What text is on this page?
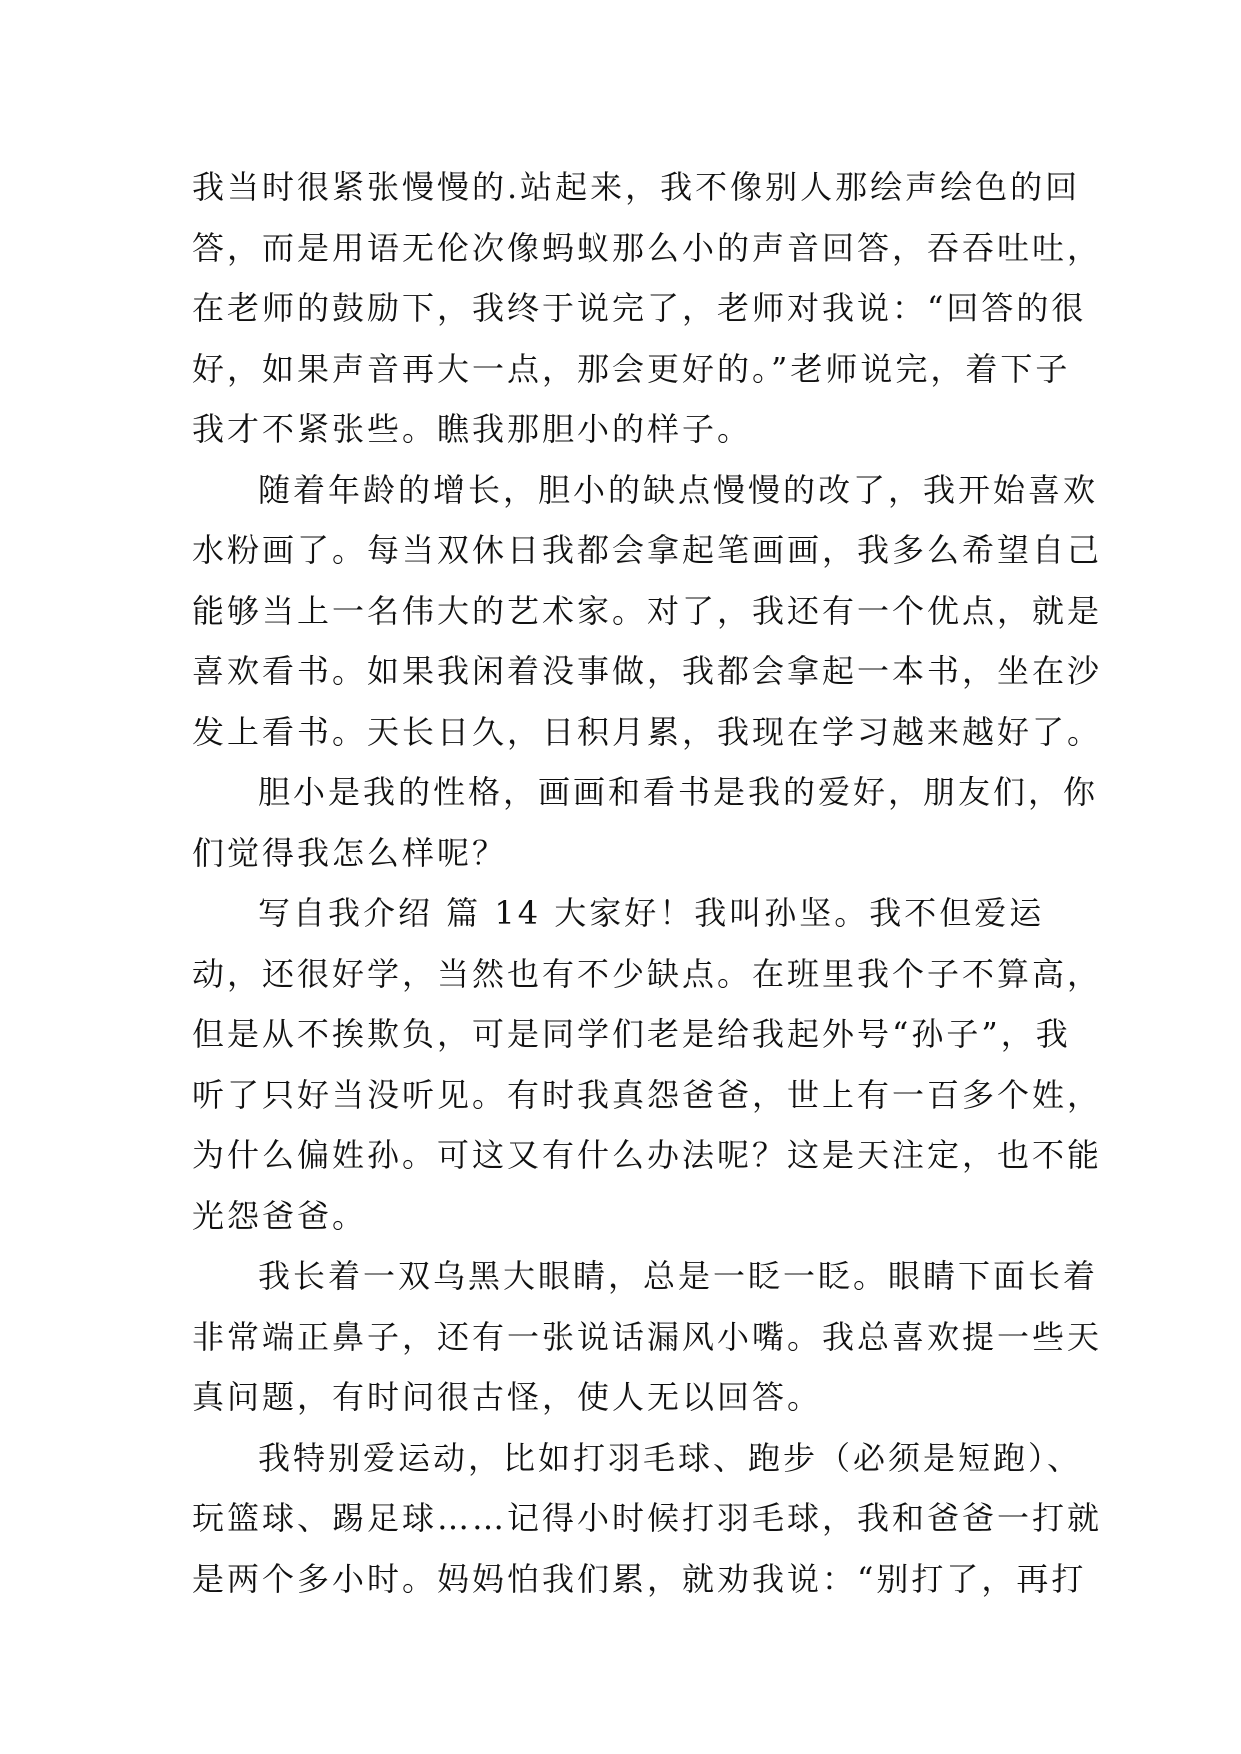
我当时很紧张慢慢的.站起来，我不像别人那绘声绘色的回
答，而是用语无伦次像蚂蚁那么小的声音回答，吞吞吐吐，
在老师的鼓励下，我终于说完了，老师对我说：“回答的很
好，如果声音再大一点，那会更好的。”老师说完，着下子
我才不紧张些。瞧我那胆小的样子。
随着年龄的增长，胆小的缺点慢慢的改了，我开始喜欢
水粉画了。每当双休日我都会拿起笔画画，我多么希望自己
能够当上一名伟大的艺术家。对了，我还有一个优点，就是
喜欢看书。如果我闲着没事做，我都会拿起一本书，坐在沙
发上看书。天长日久，日积月累，我现在学习越来越好了。
胆小是我的性格，画画和看书是我的爱好，朋友们，你
们觉得我怎么样呢？
写自我介绍 篇 14 大家好！我叫孙坚。我不但爱运
动，还很好学，当然也有不少缺点。在班里我个子不算高，
但是从不挨欺负，可是同学们老是给我起外号“孙子”，我
听了只好当没听见。有时我真怨爸爸，世上有一百多个姓，
为什么偏姓孙。可这又有什么办法呢？这是天注定，也不能
光怨爸爸。
我长着一双乌黑大眼睛，总是一眨一眨。眼睛下面长着
非常端正鼻子，还有一张说话漏风小嘴。我总喜欢提一些天
真问题，有时问很古怪，使人无以回答。
我特别爱运动，比如打羽毛球、跑步（必须是短跑）、
玩篮球、踢足球……记得小时候打羽毛球，我和爸爸一打就
是两个多小时。妈妈怕我们累，就劝我说：“别打了，再打
